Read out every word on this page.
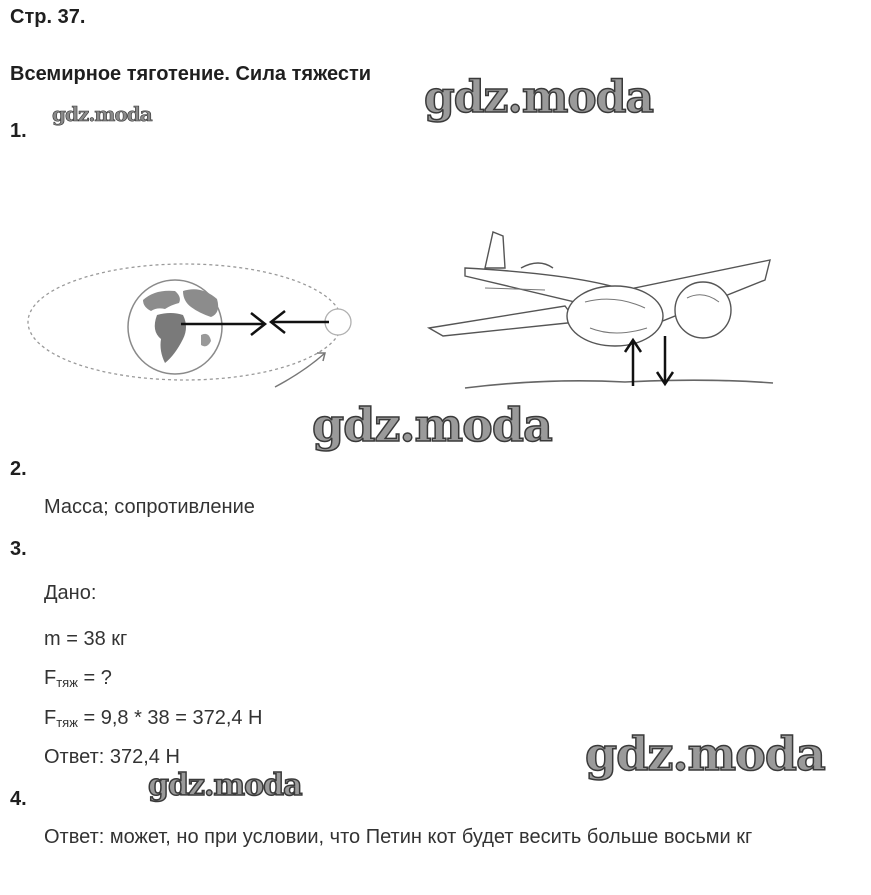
Стр. 37.
Всемирное тяготение. Сила тяжести gdz.moda
gdz.moda
gdz.moda
gdz.moda
gdz.moda
1.
2.
Масса; сопротивление
3.
Дано:
m = 38 кг
$F_{тяж}$ = ?
$F_{тяж} = 9,8 * 38 = 372,4$ Н
Ответ: 372,4 Н
4.
Ответ: может, но при условии, что Петин кот будет весить больше восьми кг
